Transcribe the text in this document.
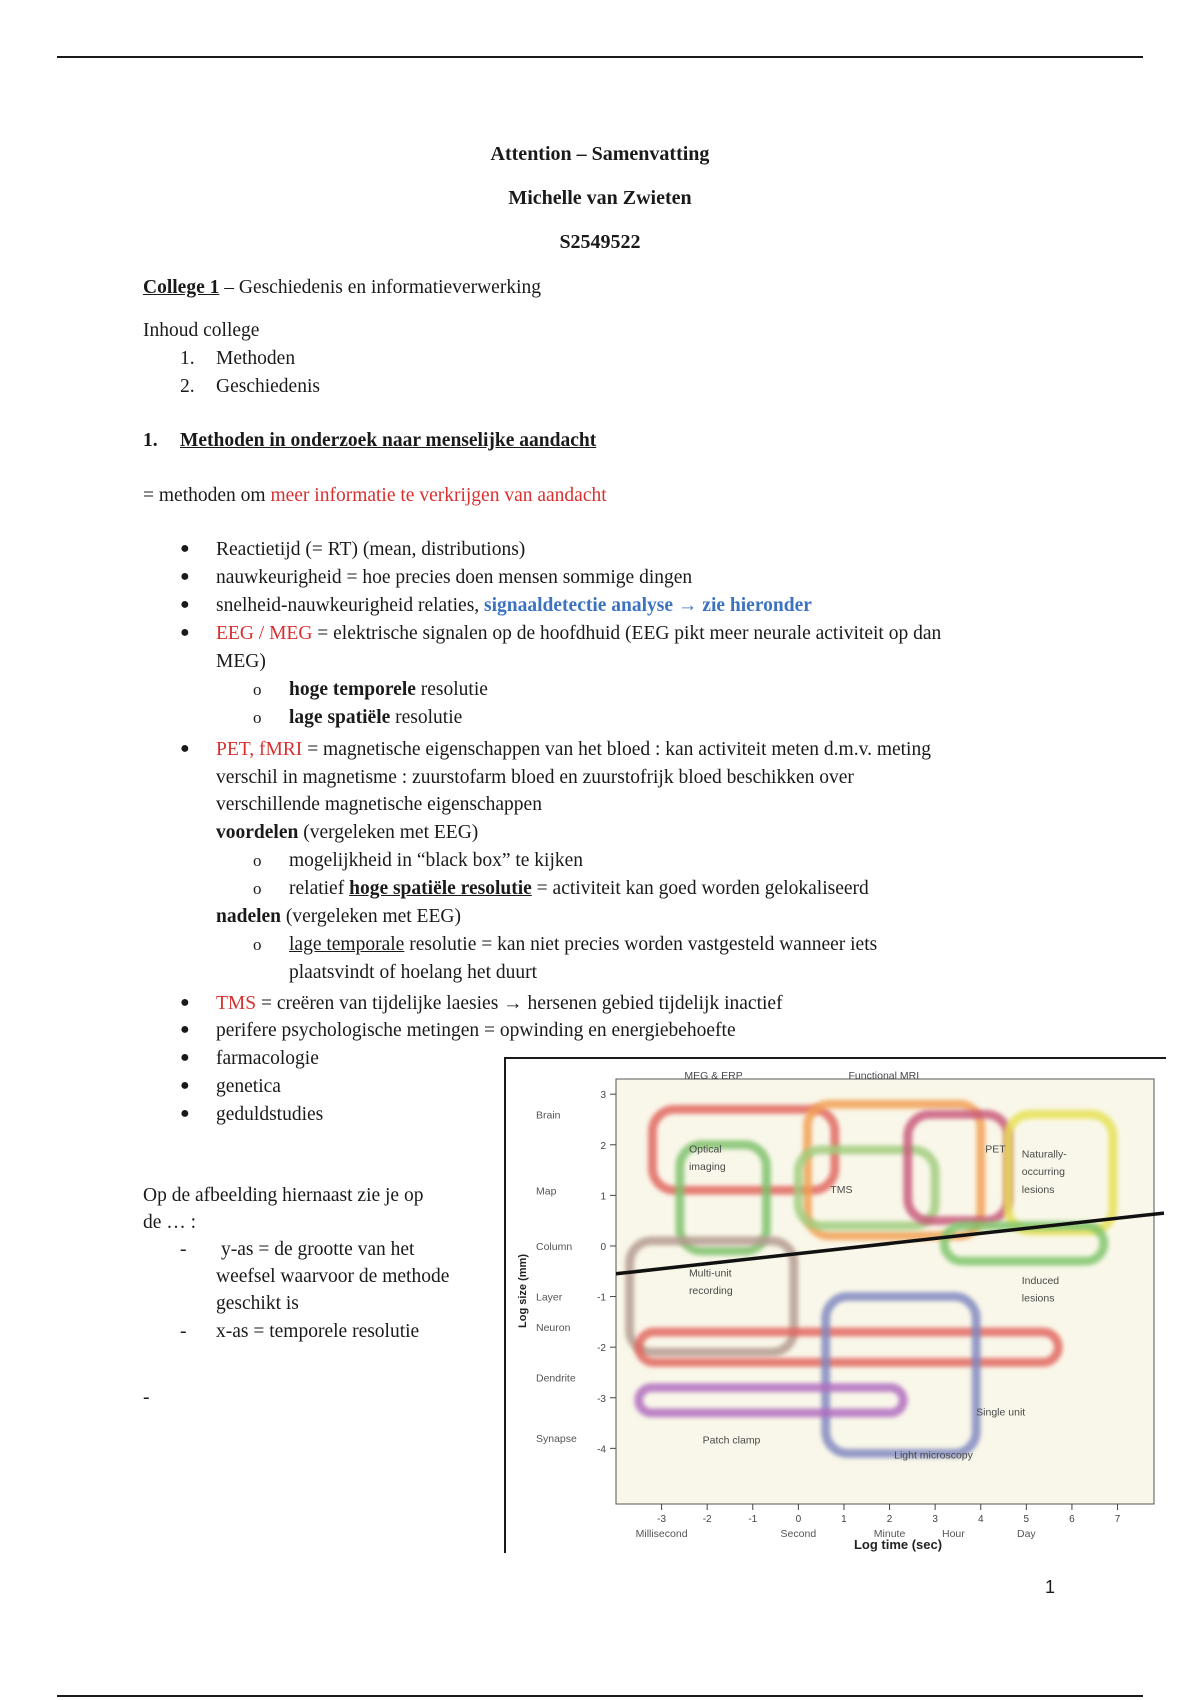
Attention – Samenvatting
Michelle van Zwieten
S2549522
College 1 – Geschiedenis en informatieverwerking
Inhoud college
1. Methoden
2. Geschiedenis
1. Methoden in onderzoek naar menselijke aandacht
= methoden om meer informatie te verkrijgen van aandacht
● Reactietijd (= RT) (mean, distributions)
● nauwkeurigheid = hoe precies doen mensen sommige dingen
● snelheid-nauwkeurigheid relaties, signaaldetectie analyse → zie hieronder
● EEG / MEG = elektrische signalen op de hoofdhuid (EEG pikt meer neurale activiteit op dan
MEG)
o hoge temporele resolutie
o lage spatiële resolutie
● PET, fMRI = magnetische eigenschappen van het bloed : kan activiteit meten d.m.v. meting
verschil in magnetisme : zuurstofarm bloed en zuurstofrijk bloed beschikken over
verschillende magnetische eigenschappen
voordelen (vergeleken met EEG)
o mogelijkheid in “black box” te kijken
o relatief hoge spatiële resolutie = activiteit kan goed worden gelokaliseerd
nadelen (vergeleken met EEG)
o lage temporale resolutie = kan niet precies worden vastgesteld wanneer iets
plaatsvindt of hoelang het duurt
● TMS = creëren van tijdelijke laesies → hersenen gebied tijdelijk inactief
● perifere psychologische metingen = opwinding en energiebehoefte
● farmacologie
● genetica
● geduldstudies
Op de afbeelding hiernaast zie je op
de … :
- y-as = de grootte van het
weefsel waarvoor de methode
geschikt is
- x-as = temporele resolutie
-
-3	-2	-1	0	1	2	3	4	5	6	7
3
2
1
0
-1
-2
-3
-4
Millisecond	Second	Minute	Hour	Day
Brain
Map
Column
Layer
Neuron
Dendrite
Synapse
MEG & ERP	Functional MRI
Optical
imaging
PET Naturally-
occurring
lesions
TMS
Multi-unit
recording
Induced
lesions
Single unit
Patch clamp
Light microscopy
Log time (sec)
Log size (mm)
1
